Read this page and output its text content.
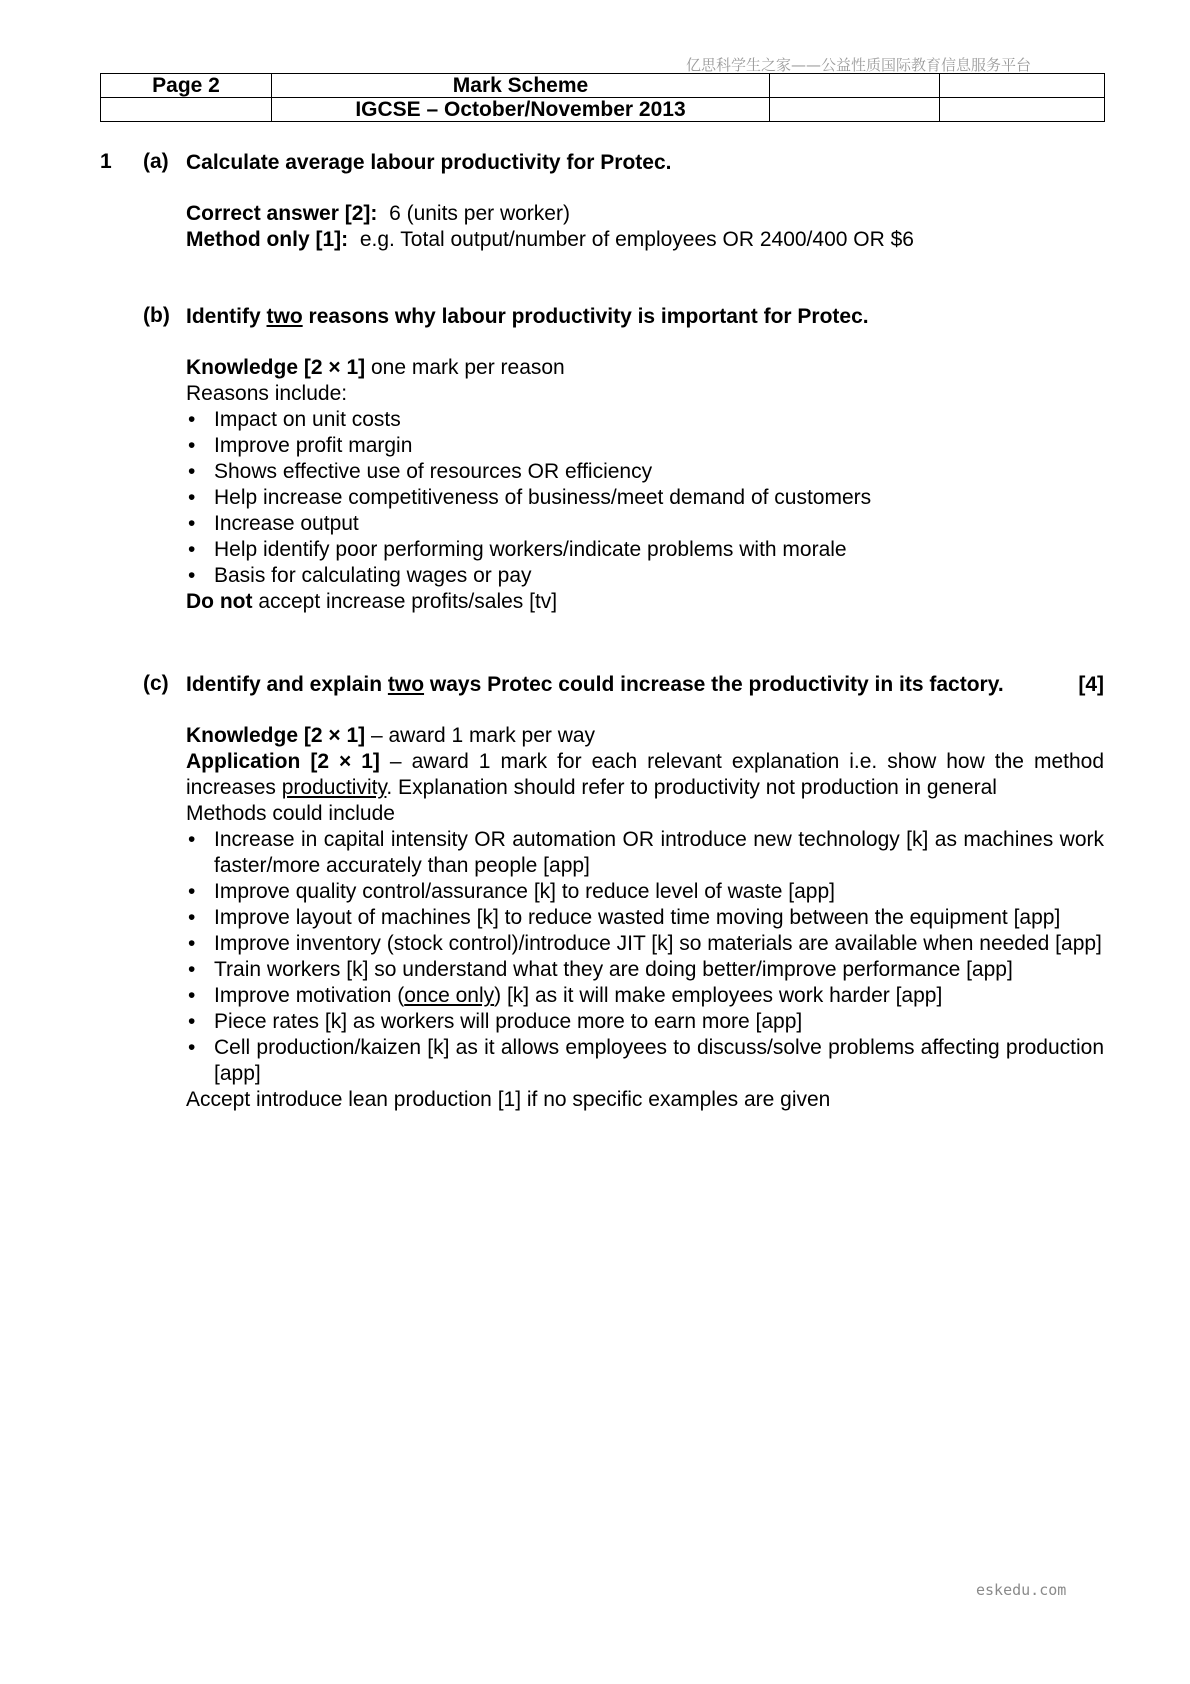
亿思科学生之家——公益性质国际教育信息服务平台
Page 2	Mark Scheme		
	IGCSE – October/November 2013		
1 (a) Calculate average labour productivity for Protec.
Correct answer [2]: 6 (units per worker)
Method only [1]: e.g. Total output/number of employees OR 2400/400 OR $6
(b) Identify two reasons why labour productivity is important for Protec.
Knowledge [2 × 1] one mark per reason
Reasons include:
• Impact on unit costs
• Improve profit margin
• Shows effective use of resources OR efficiency
• Help increase competitiveness of business/meet demand of customers
• Increase output
• Help identify poor performing workers/indicate problems with morale
• Basis for calculating wages or pay
Do not accept increase profits/sales [tv]
(c) Identify and explain two ways Protec could increase the productivity in its factory.	[4]
Knowledge [2 × 1] – award 1 mark per way
Application [2 × 1] – award 1 mark for each relevant explanation i.e. show how the method increases productivity. Explanation should refer to productivity not production in general
Methods could include
• Increase in capital intensity OR automation OR introduce new technology [k] as machines work faster/more accurately than people [app]
• Improve quality control/assurance [k] to reduce level of waste [app]
• Improve layout of machines [k] to reduce wasted time moving between the equipment [app]
• Improve inventory (stock control)/introduce JIT [k] so materials are available when needed [app]
• Train workers [k] so understand what they are doing better/improve performance [app]
• Improve motivation (once only) [k] as it will make employees work harder [app]
• Piece rates [k] as workers will produce more to earn more [app]
• Cell production/kaizen [k] as it allows employees to discuss/solve problems affecting production [app]
Accept introduce lean production [1] if no specific examples are given
eskedu.com
